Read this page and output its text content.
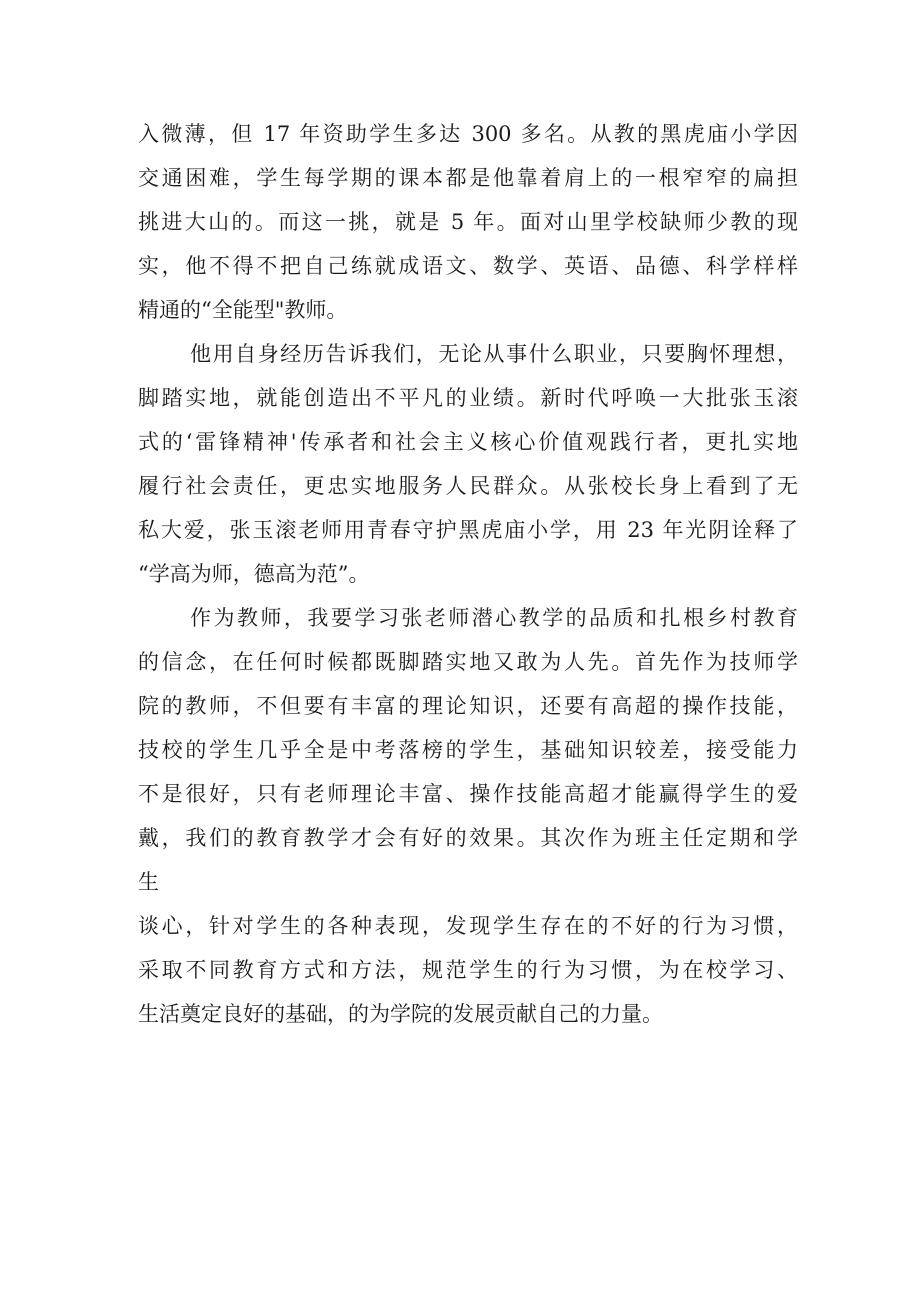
入微薄，但 17 年资助学生多达 300 多名。从教的黑虎庙小学因
交通困难，学生每学期的课本都是他靠着肩上的一根窄窄的扁担
挑进大山的。而这一挑，就是 5 年。面对山里学校缺师少教的现
实，他不得不把自己练就成语文、数学、英语、品德、科学样样
精通的“全能型"教师。
他用自身经历告诉我们，无论从事什么职业，只要胸怀理想，
脚踏实地，就能创造出不平凡的业绩。新时代呼唤一大批张玉滚
式的‘雷锋精神'传承者和社会主义核心价值观践行者，更扎实地
履行社会责任，更忠实地服务人民群众。从张校长身上看到了无
私大爱，张玉滚老师用青春守护黑虎庙小学，用 23 年光阴诠释了
“学高为师，德高为范”。
作为教师，我要学习张老师潜心教学的品质和扎根乡村教育
的信念，在任何时候都既脚踏实地又敢为人先。首先作为技师学
院的教师，不但要有丰富的理论知识，还要有高超的操作技能，
技校的学生几乎全是中考落榜的学生，基础知识较差，接受能力
不是很好，只有老师理论丰富、操作技能高超才能赢得学生的爱
戴，我们的教育教学才会有好的效果。其次作为班主任定期和学
生
谈心，针对学生的各种表现，发现学生存在的不好的行为习惯，
采取不同教育方式和方法，规范学生的行为习惯，为在校学习、
生活奠定良好的基础，的为学院的发展贡献自己的力量。
